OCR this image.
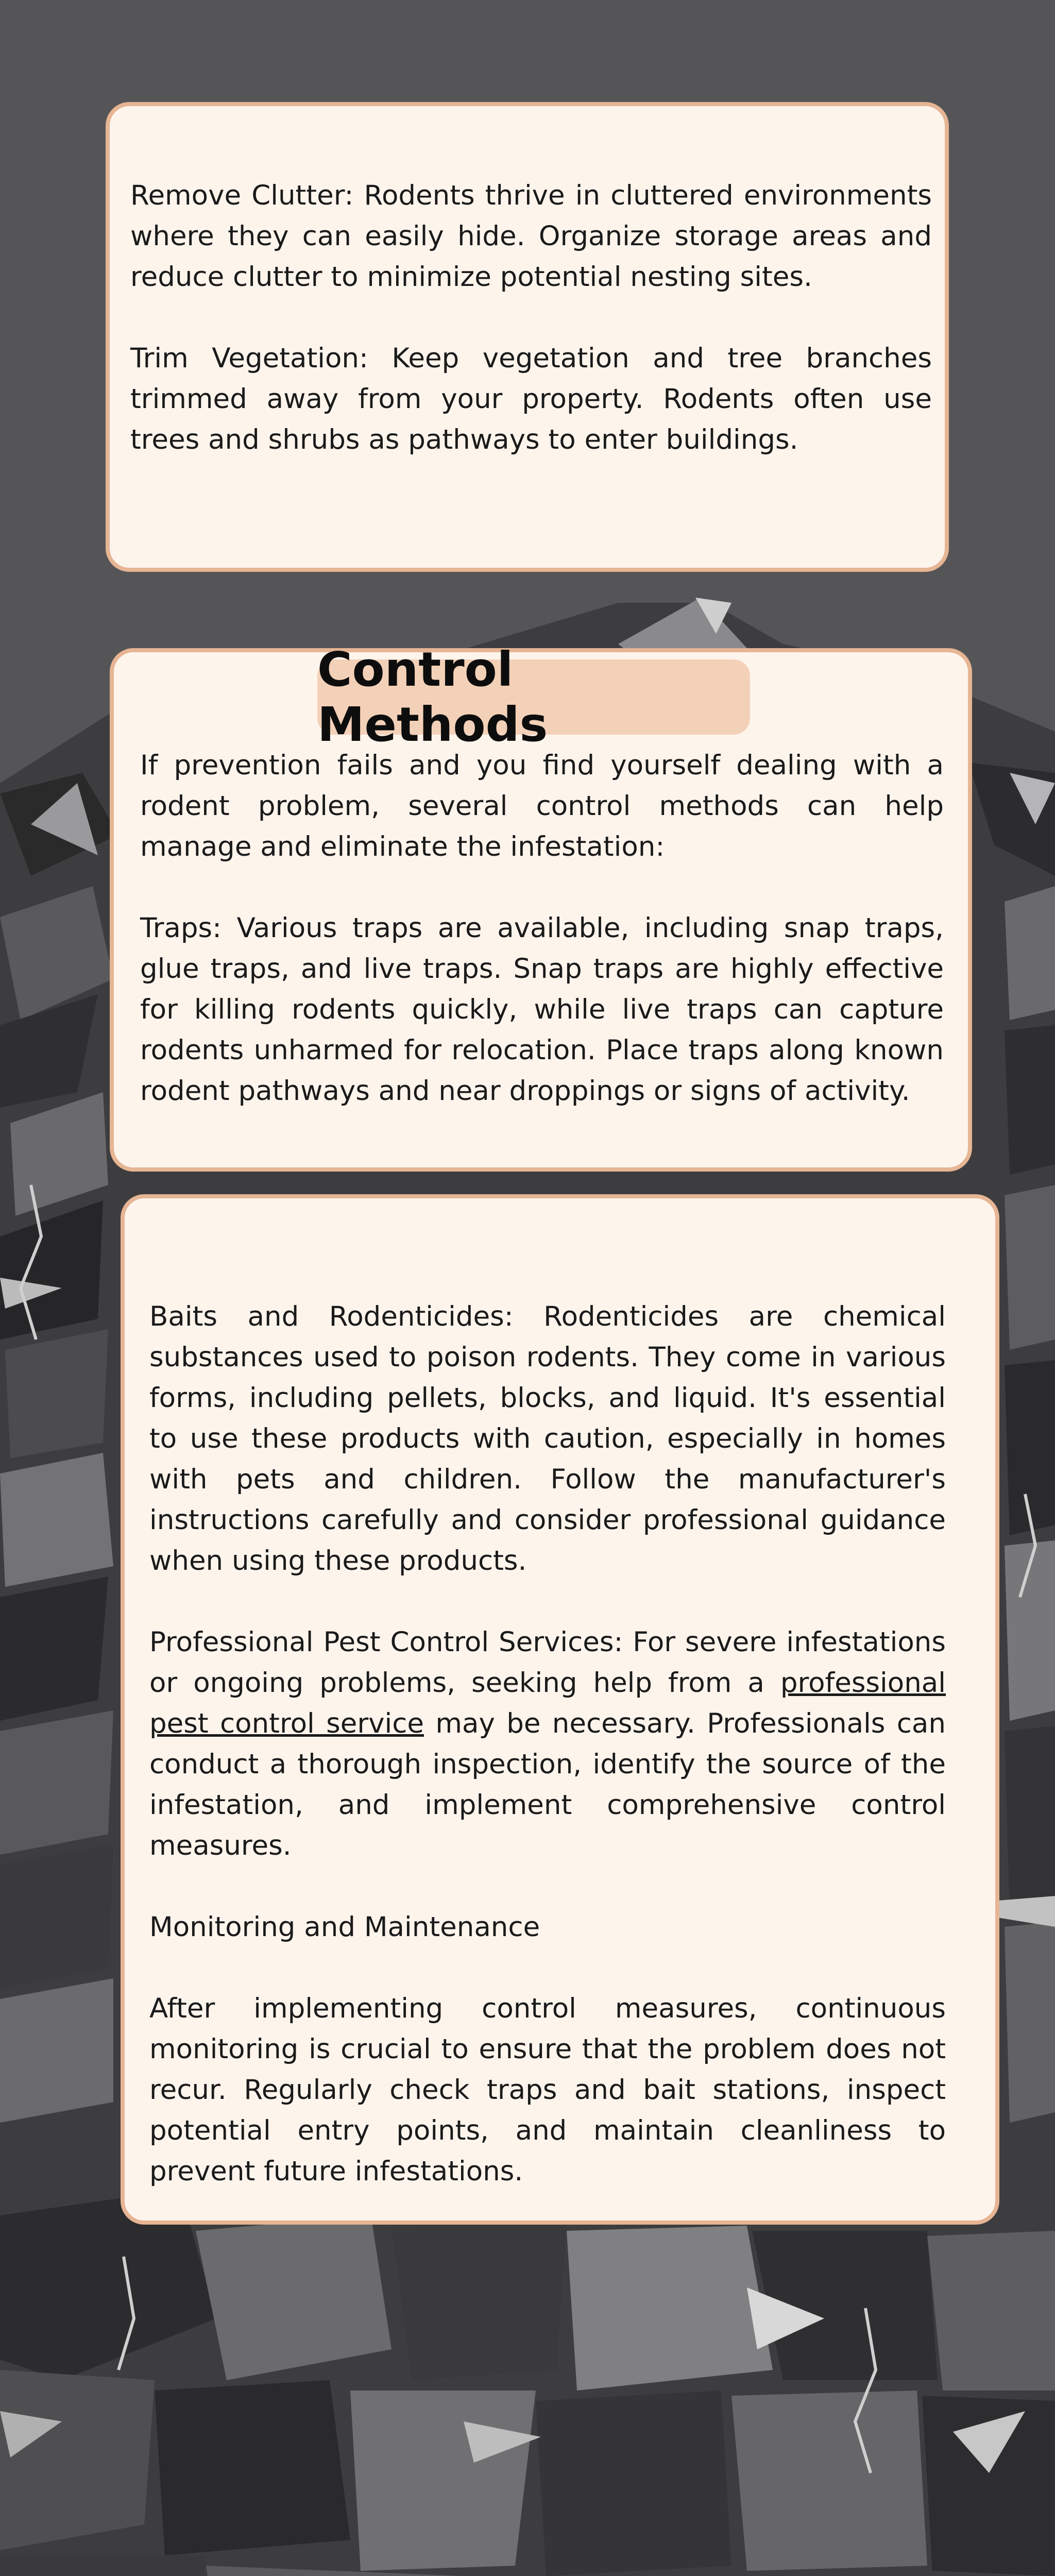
Remove Clutter: Rodents thrive in cluttered environments where they can easily hide. Organize storage areas and reduce clutter to minimize potential nesting sites.

Trim Vegetation: Keep vegetation and tree branches trimmed away from your property. Rodents often use trees and shrubs as pathways to enter buildings.

Control Methods

If prevention fails and you find yourself dealing with a rodent problem, several control methods can help manage and eliminate the infestation:

Traps: Various traps are available, including snap traps, glue traps, and live traps. Snap traps are highly effective for killing rodents quickly, while live traps can capture rodents unharmed for relocation. Place traps along known rodent pathways and near droppings or signs of activity.

Baits and Rodenticides: Rodenticides are chemical substances used to poison rodents. They come in various forms, including pellets, blocks, and liquid. It's essential to use these products with caution, especially in homes with pets and children. Follow the manufacturer's instructions carefully and consider professional guidance when using these products.

Professional Pest Control Services: For severe infestations or ongoing problems, seeking help from a professional pest control service may be necessary. Professionals can conduct a thorough inspection, identify the source of the infestation, and implement comprehensive control measures.

Monitoring and Maintenance

After implementing control measures, continuous monitoring is crucial to ensure that the problem does not recur. Regularly check traps and bait stations, inspect potential entry points, and maintain cleanliness to prevent future infestations.
